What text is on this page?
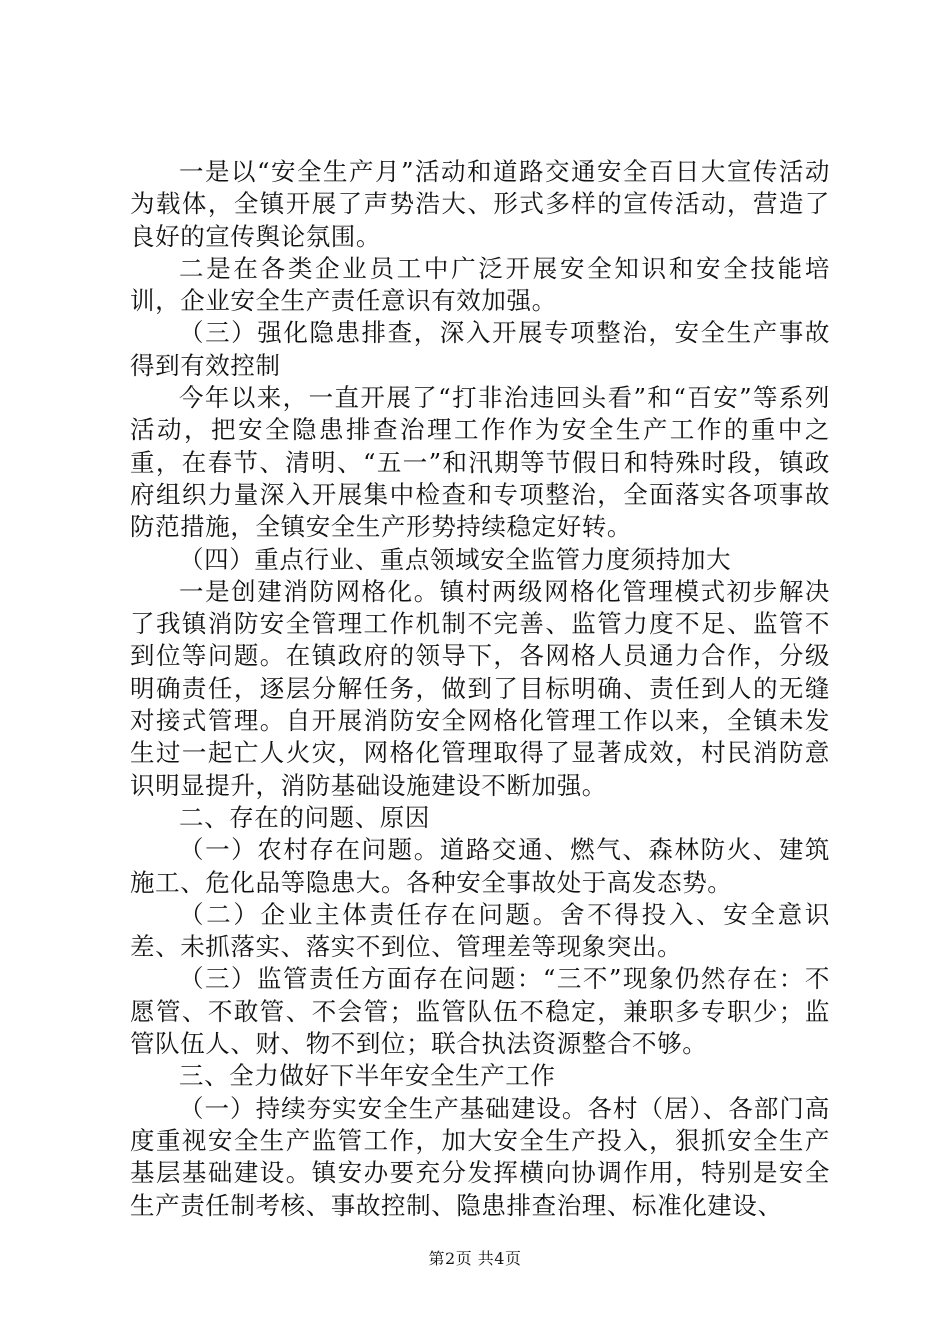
一是以“安全生产月”活动和道路交通安全百日大宣传活动为载体，全镇开展了声势浩大、形式多样的宣传活动，营造了良好的宣传舆论氛围。

二是在各类企业员工中广泛开展安全知识和安全技能培训，企业安全生产责任意识有效加强。

（三）强化隐患排查，深入开展专项整治，安全生产事故得到有效控制

今年以来，一直开展了“打非治违回头看”和“百安”等系列活动，把安全隐患排查治理工作作为安全生产工作的重中之重，在春节、清明、“五一”和汛期等节假日和特殊时段，镇政府组织力量深入开展集中检查和专项整治，全面落实各项事故防范措施，全镇安全生产形势持续稳定好转。

（四）重点行业、重点领域安全监管力度须持加大

一是创建消防网格化。镇村两级网格化管理模式初步解决了我镇消防安全管理工作机制不完善、监管力度不足、监管不到位等问题。在镇政府的领导下，各网格人员通力合作，分级明确责任，逐层分解任务，做到了目标明确、责任到人的无缝对接式管理。自开展消防安全网格化管理工作以来，全镇未发生过一起亡人火灾，网格化管理取得了显著成效，村民消防意识明显提升，消防基础设施建设不断加强。

二、存在的问题、原因

（一）农村存在问题。道路交通、燃气、森林防火、建筑施工、危化品等隐患大。各种安全事故处于高发态势。

（二）企业主体责任存在问题。舍不得投入、安全意识差、未抓落实、落实不到位、管理差等现象突出。

（三）监管责任方面存在问题：“三不”现象仍然存在：不愿管、不敢管、不会管；监管队伍不稳定，兼职多专职少；监管队伍人、财、物不到位；联合执法资源整合不够。

三、全力做好下半年安全生产工作

（一）持续夯实安全生产基础建设。各村（居）、各部门高度重视安全生产监管工作，加大安全生产投入，狠抓安全生产基层基础建设。镇安办要充分发挥横向协调作用，特别是安全生产责任制考核、事故控制、隐患排查治理、标准化建设、

第2页 共4页
